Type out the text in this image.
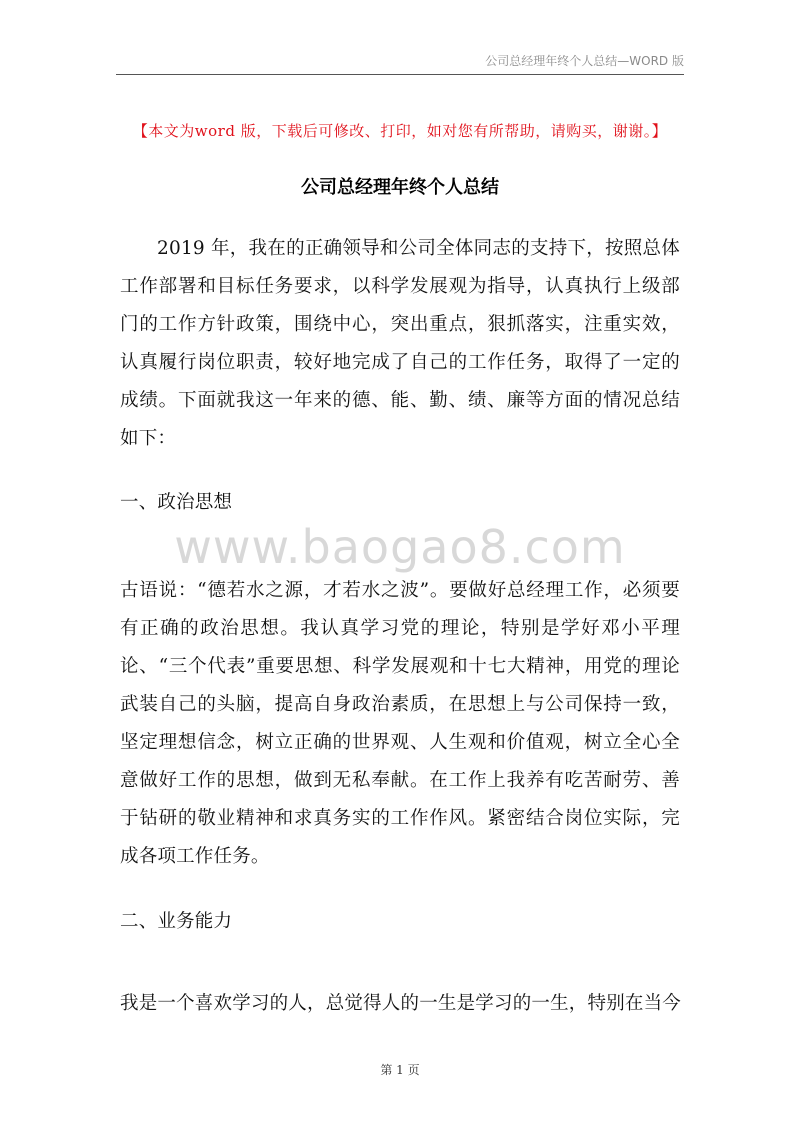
公司总经理年终个人总结—WORD 版
【本文为word 版，下载后可修改、打印，如对您有所帮助，请购买，谢谢。】
公司总经理年终个人总结

2019 年，我在的正确领导和公司全体同志的支持下，按照总体工作部署和目标任务要求，以科学发展观为指导，认真执行上级部门的工作方针政策，围绕中心，突出重点，狠抓落实，注重实效，认真履行岗位职责，较好地完成了自己的工作任务，取得了一定的成绩。下面就我这一年来的德、能、勤、绩、廉等方面的情况总结如下：

一、政治思想

www.baogao8.com

古语说：“德若水之源，才若水之波”。要做好总经理工作，必须要有正确的政治思想。我认真学习党的理论，特别是学好邓小平理论、“三个代表”重要思想、科学发展观和十七大精神，用党的理论武装自己的头脑，提高自身政治素质，在思想上与公司保持一致，坚定理想信念，树立正确的世界观、人生观和价值观，树立全心全意做好工作的思想，做到无私奉献。在工作上我养有吃苦耐劳、善于钻研的敬业精神和求真务实的工作作风。紧密结合岗位实际，完成各项工作任务。

二、业务能力

我是一个喜欢学习的人，总觉得人的一生是学习的一生，特别在当今

第 1 页
